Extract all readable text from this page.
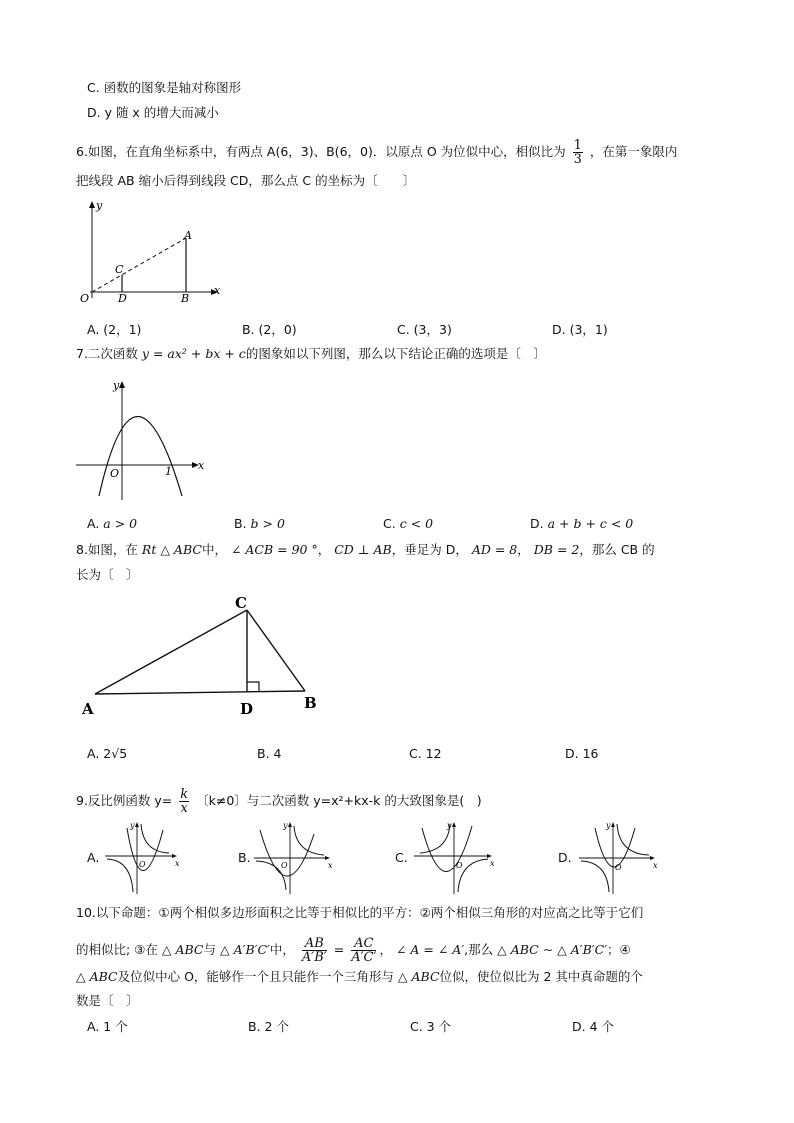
C. 函数的图象是轴对称图形
D. y 随 x 的增大而减小
6.如图，在直角坐标系中，有两点 A(6，3)、B(6，0)．以原点 O 为位似中心，相似比为 $\frac{1}{3}$ ，在第一象限内
把线段 AB 缩小后得到线段 CD，那么点 C 的坐标为〔　　〕
y
x
O
A
B
C
D
A. (2，1)	B. (2，0)	C. (3，3)	D. (3，1)
7.二次函数 y = ax² + bx + c的图象如以下列图，那么以下结论正确的选项是〔　〕
y
x
O	1
A. a > 0	B. b > 0	C. c < 0	D. a + b + c < 0
8.如图，在 Rt △ ABC中， ∠ ACB = 90 °， CD ⊥ AB，垂足为 D， AD = 8， DB = 2，那么 CB 的
长为〔　〕
A	B
C
D
A. 2√5	B. 4	C. 12	D. 16
9.反比例函数 $y= \frac{k}{x}$ 〔k≠0〕与二次函数 y=x²+kx-k 的大致图象是(　)
A.	B.	C.	D.
y
x
O
y
x
O
y
x
O
y
x
O
10.以下命题：①两个相似多边形面积之比等于相似比的平方：②两个相似三角形的对应高之比等于它们
的相似比; ③在 △ ABC与 △ A′B′C′中， $\frac{AB}{A'B'} = \frac{AC}{A'C'}$ ， ∠ A = ∠ A′,那么 △ ABC ∼ △ A′B′C′；④
△ ABC及位似中心 O，能够作一个且只能作一个三角形与 △ ABC位似，使位似比为 2 其中真命题的个
数是〔　〕
A. 1 个	B. 2 个	C. 3 个	D. 4 个
